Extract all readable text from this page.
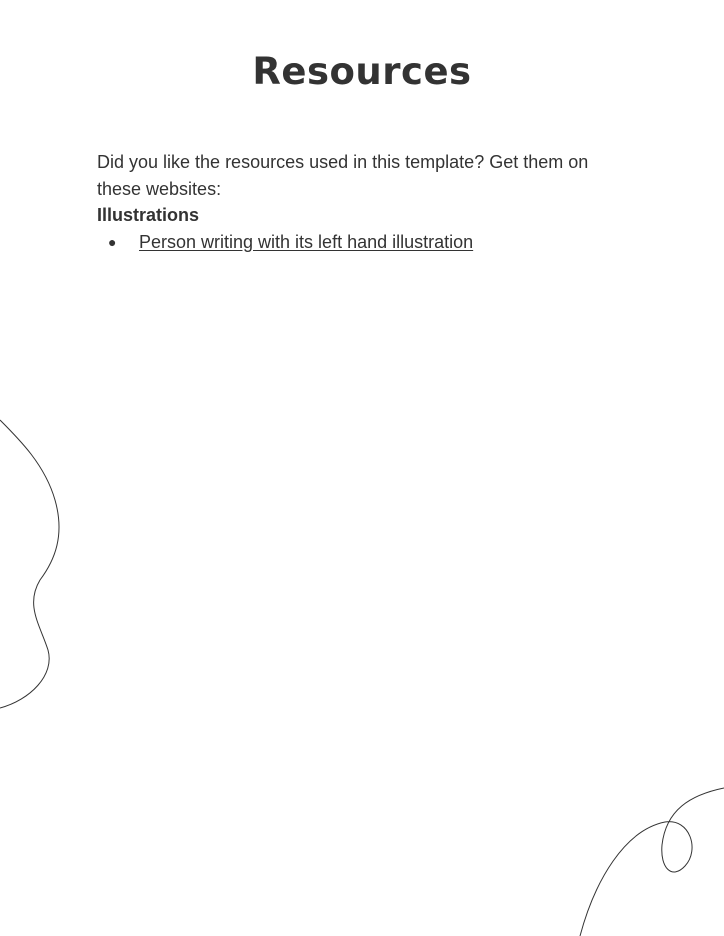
Resources

Did you like the resources used in this template? Get them on
these websites:

Illustrations

● Person writing with its left hand illustration
